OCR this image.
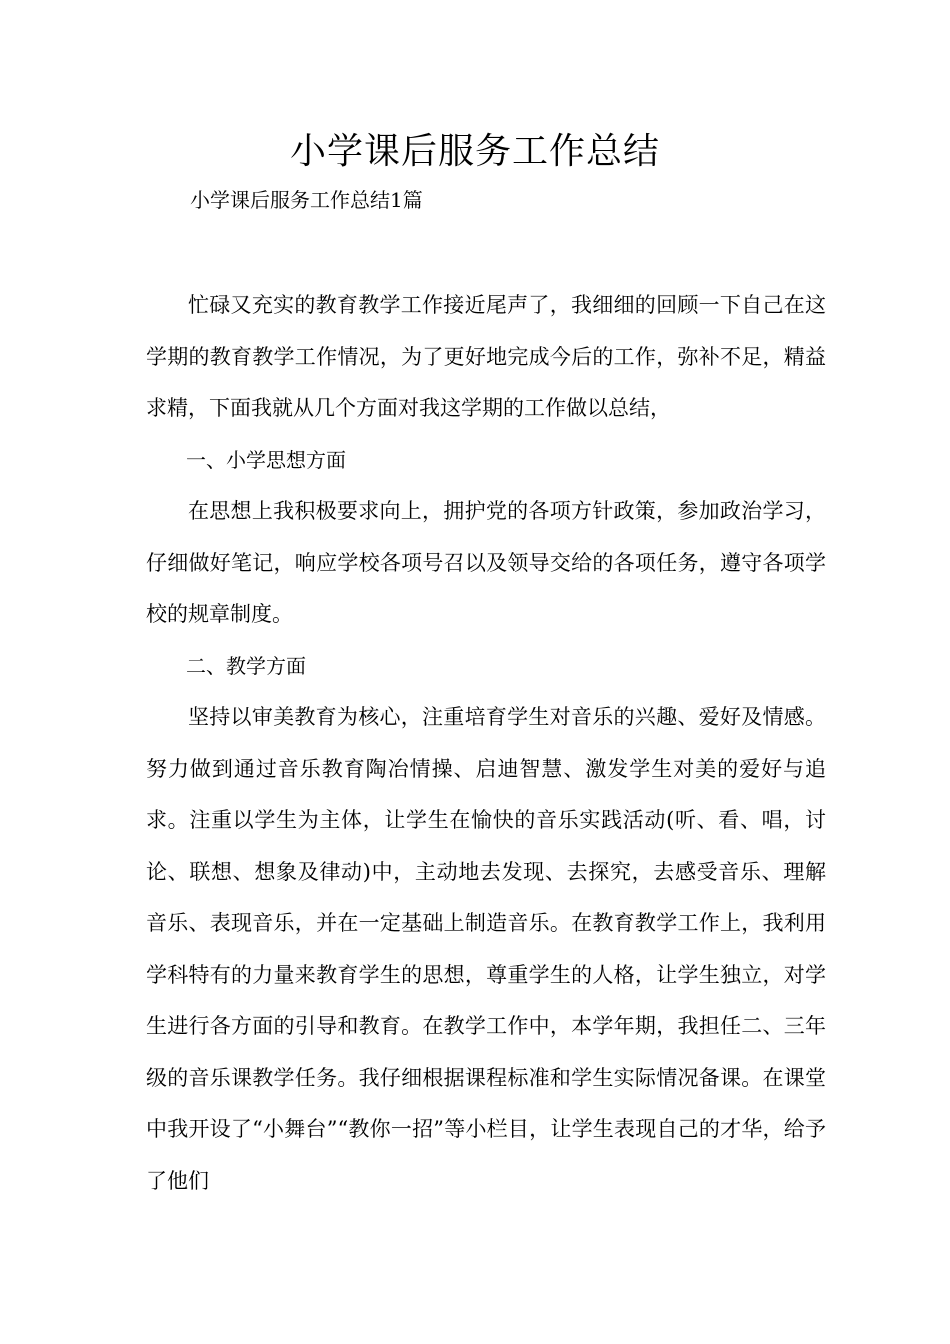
小学课后服务工作总结
小学课后服务工作总结1篇

忙碌又充实的教育教学工作接近尾声了，我细细的回顾一下自己在这学期的教育教学工作情况，为了更好地完成今后的工作，弥补不足，精益求精，下面我就从几个方面对我这学期的工作做以总结，

一、小学思想方面

在思想上我积极要求向上，拥护党的各项方针政策，参加政治学习，仔细做好笔记，响应学校各项号召以及领导交给的各项任务，遵守各项学校的规章制度。

二、教学方面

坚持以审美教育为核心，注重培育学生对音乐的兴趣、爱好及情感。努力做到通过音乐教育陶冶情操、启迪智慧、激发学生对美的爱好与追求。注重以学生为主体，让学生在愉快的音乐实践活动(听、看、唱，讨论、联想、想象及律动)中，主动地去发现、去探究，去感受音乐、理解音乐、表现音乐，并在一定基础上制造音乐。在教育教学工作上，我利用学科特有的力量来教育学生的思想，尊重学生的人格，让学生独立，对学生进行各方面的引导和教育。在教学工作中，本学年期，我担任二、三年级的音乐课教学任务。我仔细根据课程标准和学生实际情况备课。在课堂中我开设了“小舞台”“教你一招”等小栏目，让学生表现自己的才华，给予了他们
